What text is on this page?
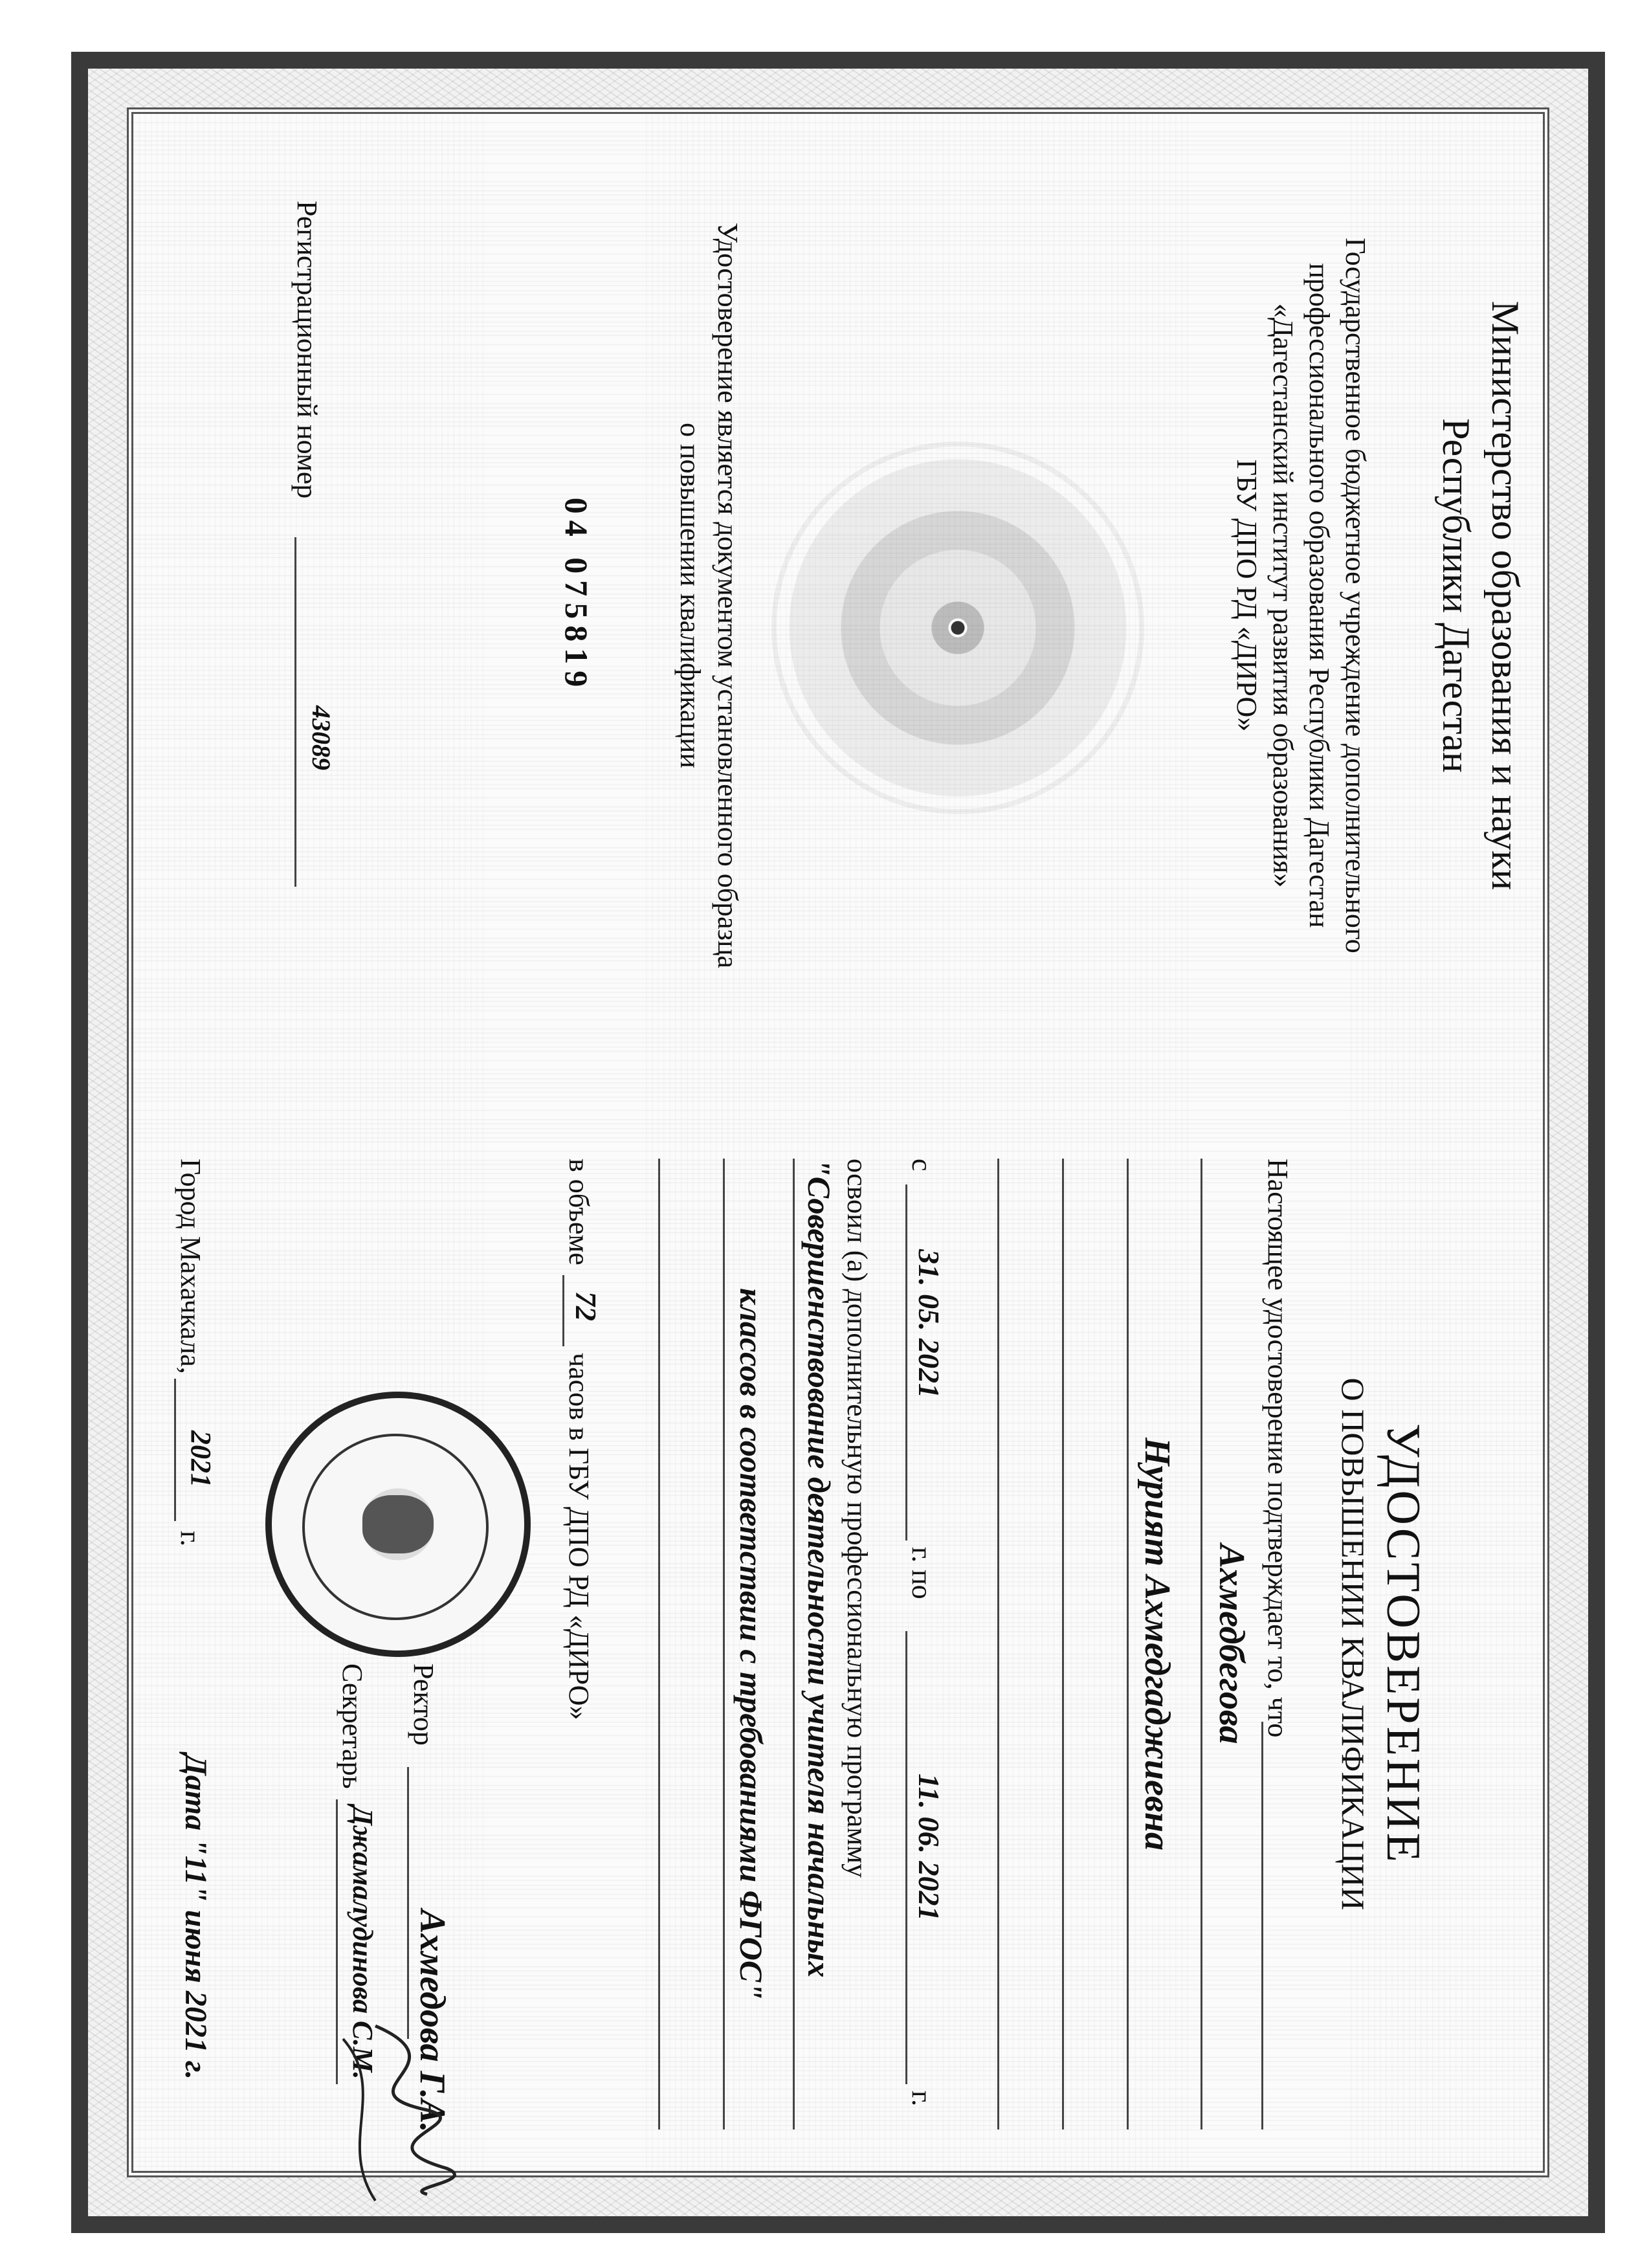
Министерство образования и науки
Республики Дагестан
Государственное бюджетное учреждение дополнительного
профессионального образования Республики Дагестан
«Дагестанский институт развития образования»
ГБУ ДПО РД «ДИРО»
Удостоверение является документом установленного образца
о повышении квалификации
04 075819
Регистрационный номер
43089
УДОСТОВЕРЕНИЕ
О ПОВЫШЕНИИ КВАЛИФИКАЦИИ
Настоящее удостоверение подтверждает то, что
Ахмедбегова
Нурият Ахмедгаджиевна
с
31. 05. 2021
г. по
11. 06. 2021
г.
освоил (а) дополнительную профессиональную программу
"Совершенствование деятельности учителя начальных
классов в соответствии с требованиями ФГОС"
в объеме
72
часов в ГБУ ДПО РД «ДИРО»
Ректор
Ахмедова Г.А.
Секретарь
Джамалудинова С.М.
Город Махачкала,
2021
г.
Дата "11" июня 2021 г.
